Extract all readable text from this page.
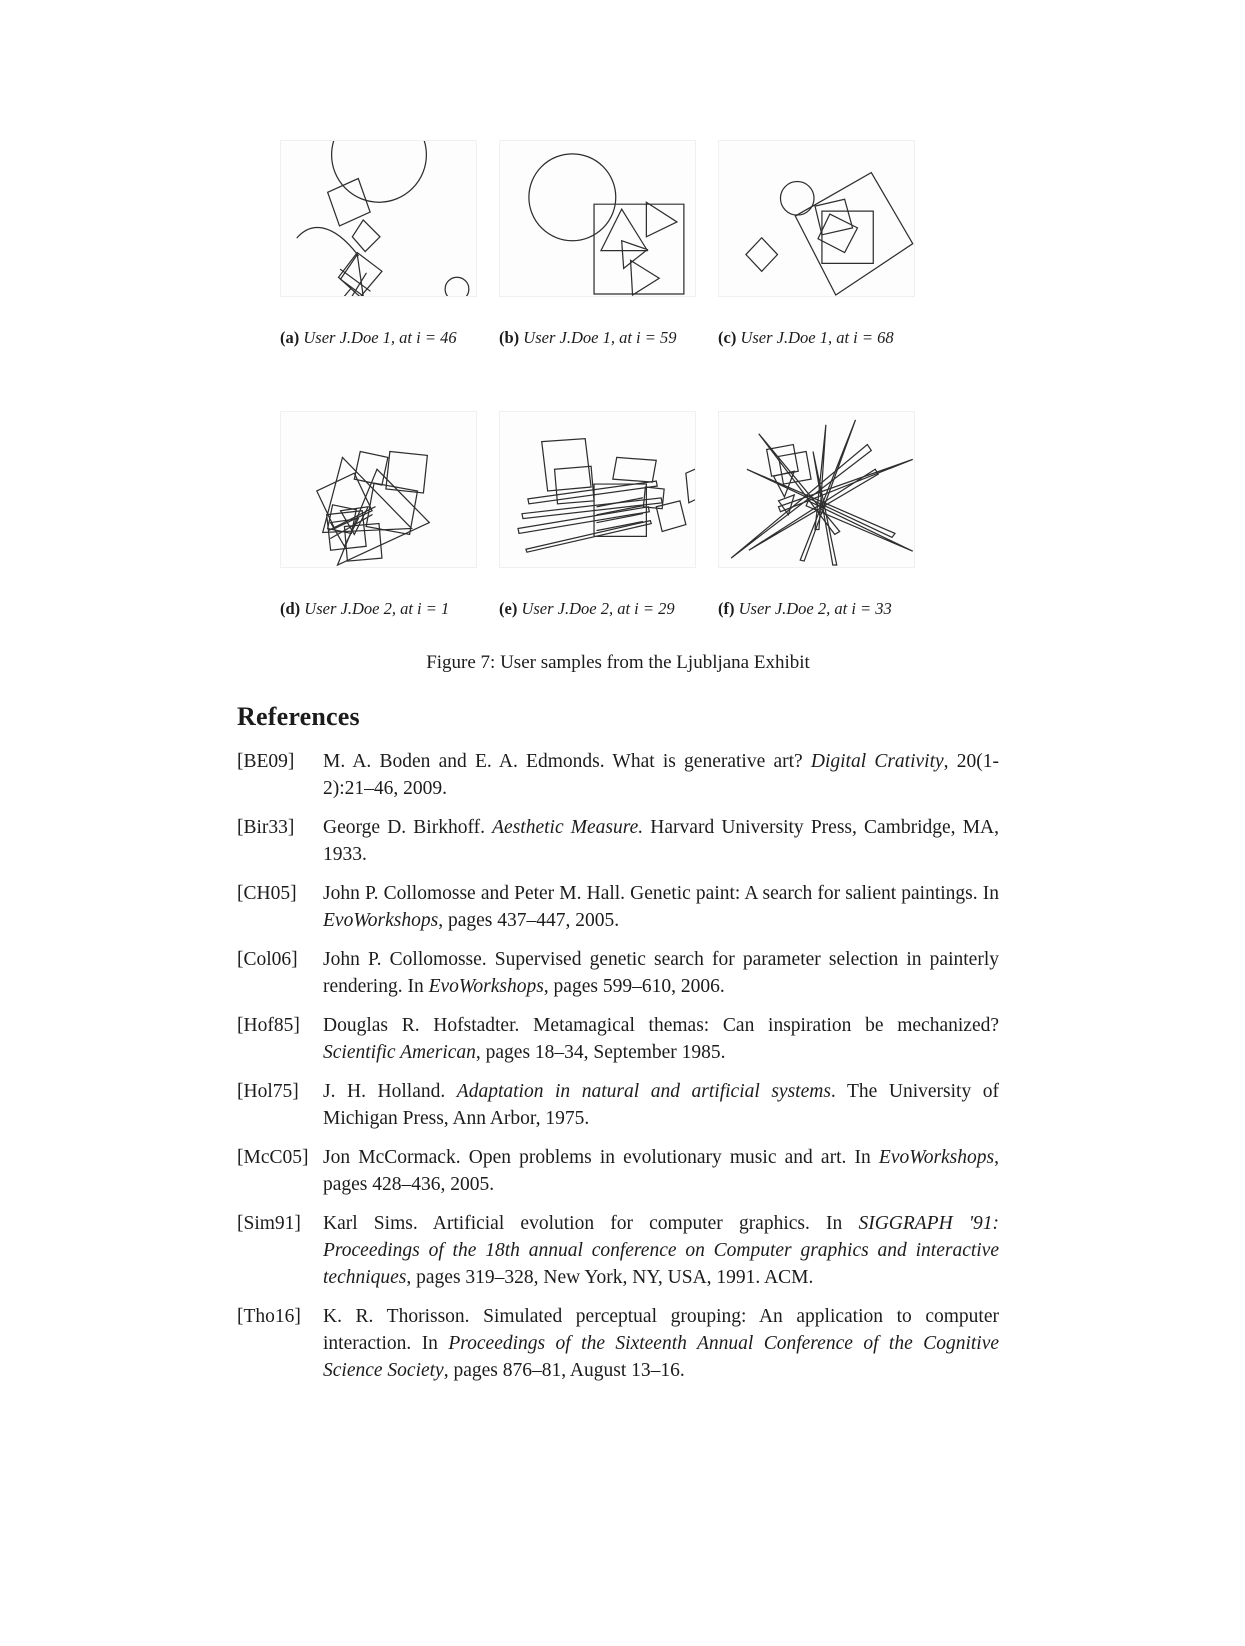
(a) User J.Doe 1, at i = 46	(b) User J.Doe 1, at i = 59	(c) User J.Doe 1, at i = 68
(d) User J.Doe 2, at i = 1	(e) User J.Doe 2, at i = 29	(f) User J.Doe 2, at i = 33
Figure 7: User samples from the Ljubljana Exhibit
References
[BE09]	M. A. Boden and E. A. Edmonds. What is generative art? Digital Crativity, 20(1-2):21–46, 2009.
[Bir33]	George D. Birkhoff. Aesthetic Measure. Harvard University Press, Cambridge, MA, 1933.
[CH05]	John P. Collomosse and Peter M. Hall. Genetic paint: A search for salient paintings. In EvoWorkshops, pages 437–447, 2005.
[Col06]	John P. Collomosse. Supervised genetic search for parameter selection in painterly rendering. In EvoWorkshops, pages 599–610, 2006.
[Hof85]	Douglas R. Hofstadter. Metamagical themas: Can inspiration be mechanized? Scientific American, pages 18–34, September 1985.
[Hol75]	J. H. Holland. Adaptation in natural and artificial systems. The University of Michigan Press, Ann Arbor, 1975.
[McC05] Jon McCormack. Open problems in evolutionary music and art. In EvoWorkshops, pages 428–436, 2005.
[Sim91]	Karl Sims. Artificial evolution for computer graphics. In SIGGRAPH '91: Proceedings of the 18th annual conference on Computer graphics and interactive techniques, pages 319–328, New York, NY, USA, 1991. ACM.
[Tho16]	K. R. Thorisson. Simulated perceptual grouping: An application to computer interaction. In Proceedings of the Sixteenth Annual Conference of the Cognitive Science Society, pages 876–81, August 13–16.
